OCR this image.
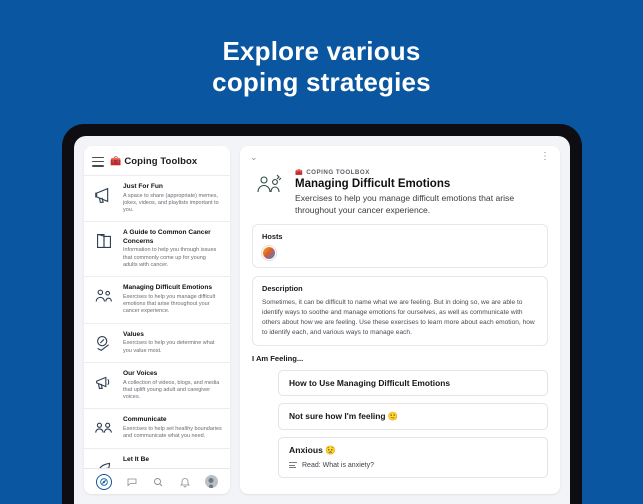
Explore various
coping strategies
🧰 Coping Toolbox
Just For Fun
A space to share (appropriate) memes, jokes, videos, and playlists important to you.
A Guide to Common Cancer Concerns
Information to help you through issues that commonly come up for young adults with cancer.
Managing Difficult Emotions
Exercises to help you manage difficult emotions that arise throughout your cancer experience.
Values
Exercises to help you determine what you value most.
Our Voices
A collection of videos, blogs, and media that uplift young adult and caregiver voices.
Communicate
Exercises to help set healthy boundaries and communicate what you need.
Let It Be
⌄	⋮
🧰 COPING TOOLBOX
Managing Difficult Emotions
Exercises to help you manage difficult emotions that arise throughout your cancer experience.
Hosts
Description
Sometimes, it can be difficult to name what we are feeling. But in doing so, we are able to identify ways to soothe and manage emotions for ourselves, as well as communicate with others about how we are feeling. Use these exercises to learn more about each emotion, how to identify each, and various ways to manage each.
I Am Feeling...
How to Use Managing Difficult Emotions
Not sure how I'm feeling 🙂
Anxious 😟
Read: What is anxiety?
